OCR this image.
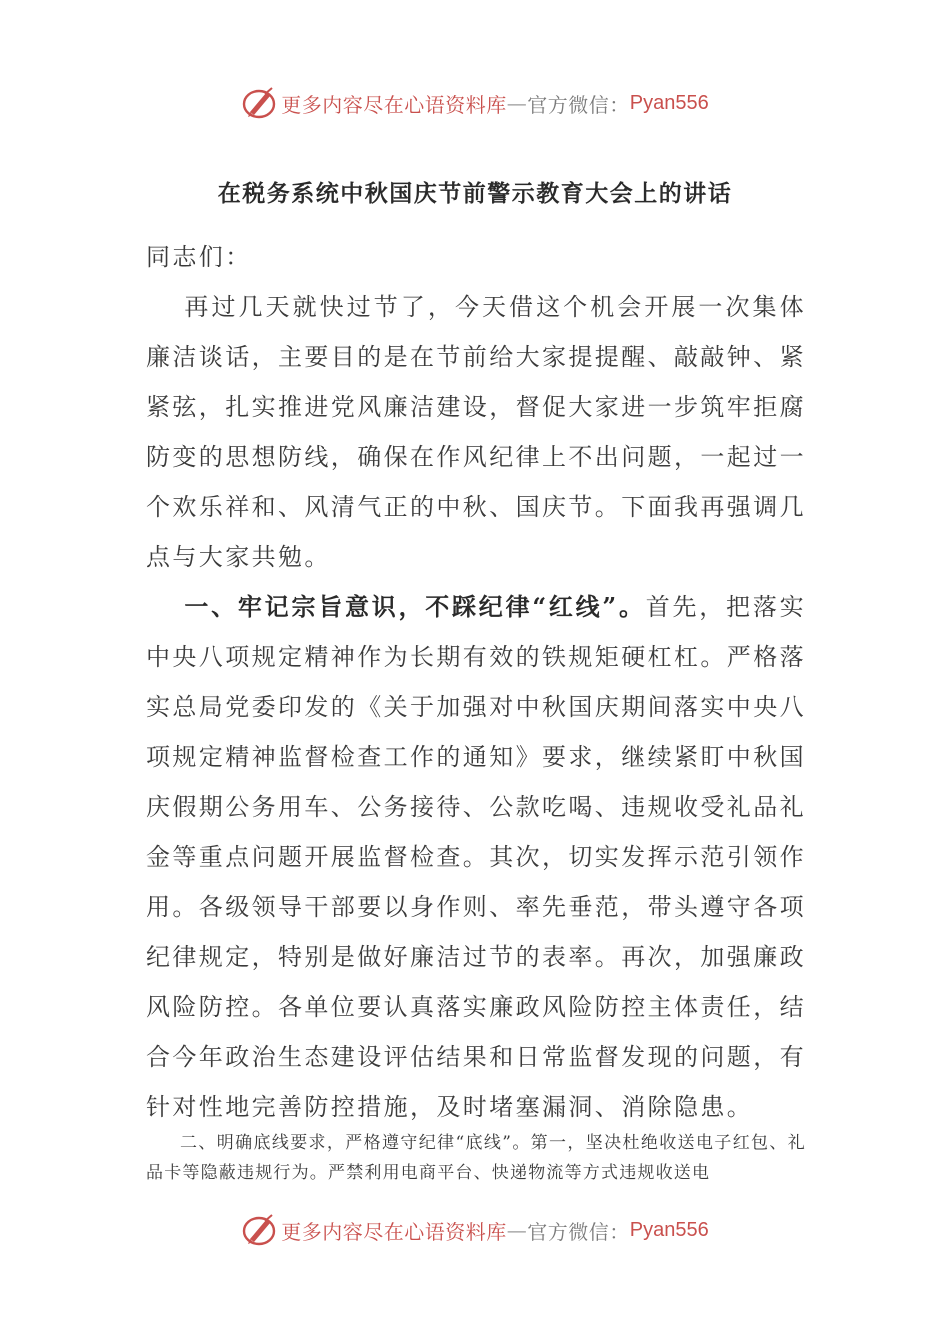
更多内容尽在心语资料库 — 官方微信： Pyan556
在税务系统中秋国庆节前警示教育大会上的讲话
同志们：
再过几天就快过节了，今天借这个机会开展一次集体廉洁谈话，主要目的是在节前给大家提提醒、敲敲钟、紧紧弦，扎实推进党风廉洁建设，督促大家进一步筑牢拒腐防变的思想防线，确保在作风纪律上不出问题，一起过一个欢乐祥和、风清气正的中秋、国庆节。下面我再强调几点与大家共勉。
一、牢记宗旨意识，不踩纪律“红线”。首先，把落实中央八项规定精神作为长期有效的铁规矩硬杠杠。严格落实总局党委印发的《关于加强对中秋国庆期间落实中央八项规定精神监督检查工作的通知》要求，继续紧盯中秋国庆假期公务用车、公务接待、公款吃喝、违规收受礼品礼金等重点问题开展监督检查。其次，切实发挥示范引领作用。各级领导干部要以身作则、率先垂范，带头遵守各项纪律规定，特别是做好廉洁过节的表率。再次，加强廉政风险防控。各单位要认真落实廉政风险防控主体责任，结合今年政治生态建设评估结果和日常监督发现的问题，有针对性地完善防控措施，及时堵塞漏洞、消除隐患。
二、明确底线要求，严格遵守纪律“底线”。第一，坚决杜绝收送电子红包、礼品卡等隐蔽违规行为。严禁利用电商平台、快递物流等方式违规收送电
更多内容尽在心语资料库 — 官方微信： Pyan556
